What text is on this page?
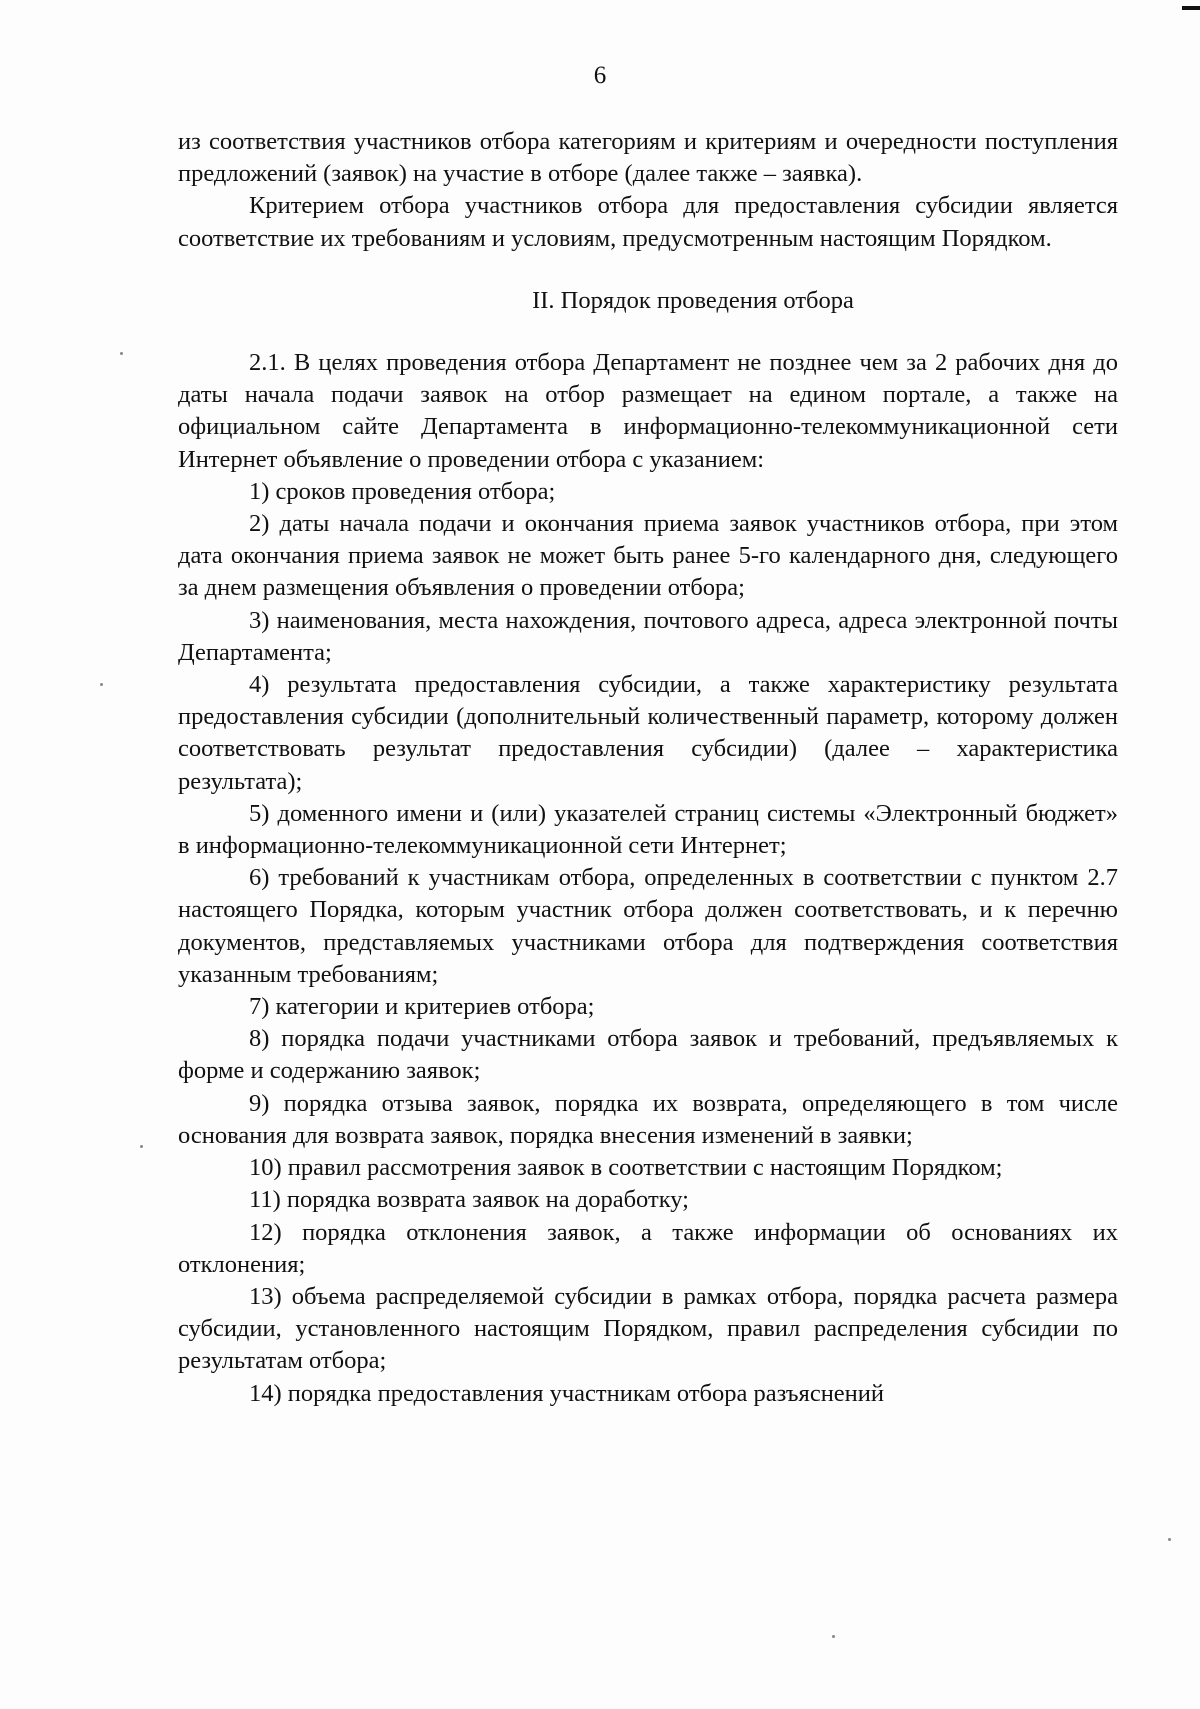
6

из соответствия участников отбора категориям и критериям и очередности поступления предложений (заявок) на участие в отборе (далее также – заявка).

Критерием отбора участников отбора для предоставления субсидии является соответствие их требованиям и условиям, предусмотренным настоящим Порядком.

II. Порядок проведения отбора

2.1. В целях проведения отбора Департамент не позднее чем за 2 рабочих дня до даты начала подачи заявок на отбор размещает на едином портале, а также на официальном сайте Департамента в информационно-телекоммуникационной сети Интернет объявление о проведении отбора с указанием:

1) сроков проведения отбора;

2) даты начала подачи и окончания приема заявок участников отбора, при этом дата окончания приема заявок не может быть ранее 5-го календарного дня, следующего за днем размещения объявления о проведении отбора;

3) наименования, места нахождения, почтового адреса, адреса электронной почты Департамента;

4) результата предоставления субсидии, а также характеристику результата предоставления субсидии (дополнительный количественный параметр, которому должен соответствовать результат предоставления субсидии) (далее – характеристика результата);

5) доменного имени и (или) указателей страниц системы «Электронный бюджет» в информационно-телекоммуникационной сети Интернет;

6) требований к участникам отбора, определенных в соответствии с пунктом 2.7 настоящего Порядка, которым участник отбора должен соответствовать, и к перечню документов, представляемых участниками отбора для подтверждения соответствия указанным требованиям;

7) категории и критериев отбора;

8) порядка подачи участниками отбора заявок и требований, предъявляемых к форме и содержанию заявок;

9) порядка отзыва заявок, порядка их возврата, определяющего в том числе основания для возврата заявок, порядка внесения изменений в заявки;

10) правил рассмотрения заявок в соответствии с настоящим Порядком;

11) порядка возврата заявок на доработку;

12) порядка отклонения заявок, а также информации об основаниях их отклонения;

13) объема распределяемой субсидии в рамках отбора, порядка расчета размера субсидии, установленного настоящим Порядком, правил распределения субсидии по результатам отбора;

14) порядка предоставления участникам отбора разъяснений
